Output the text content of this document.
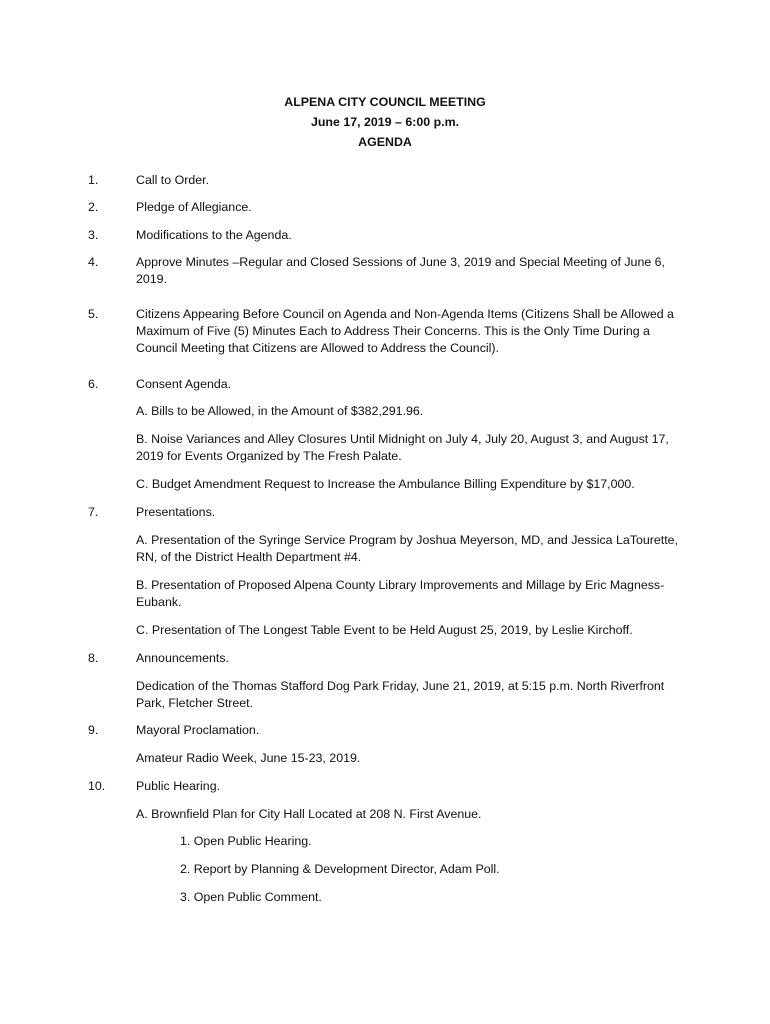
ALPENA CITY COUNCIL MEETING
June 17, 2019 – 6:00 p.m.
AGENDA
1.	Call to Order.
2.	Pledge of Allegiance.
3.	Modifications to the Agenda.
4.	Approve Minutes –Regular and Closed Sessions of June 3, 2019 and Special Meeting of June 6, 2019.
5.	Citizens Appearing Before Council on Agenda and Non-Agenda Items (Citizens Shall be Allowed a Maximum of Five (5) Minutes Each to Address Their Concerns. This is the Only Time During a Council Meeting that Citizens are Allowed to Address the Council).
6.	Consent Agenda.
A. Bills to be Allowed, in the Amount of $382,291.96.
B. Noise Variances and Alley Closures Until Midnight on July 4, July 20, August 3, and August 17, 2019 for Events Organized by The Fresh Palate.
C. Budget Amendment Request to Increase the Ambulance Billing Expenditure by $17,000.
7.	Presentations.
A. Presentation of the Syringe Service Program by Joshua Meyerson, MD, and Jessica LaTourette, RN, of the District Health Department #4.
B. Presentation of Proposed Alpena County Library Improvements and Millage by Eric Magness-Eubank.
C. Presentation of The Longest Table Event to be Held August 25, 2019, by Leslie Kirchoff.
8.	Announcements.
Dedication of the Thomas Stafford Dog Park Friday, June 21, 2019, at 5:15 p.m. North Riverfront Park, Fletcher Street.
9.	Mayoral Proclamation.
Amateur Radio Week, June 15-23, 2019.
10. Public Hearing.
A. Brownfield Plan for City Hall Located at 208 N. First Avenue.
1. Open Public Hearing.
2. Report by Planning & Development Director, Adam Poll.
3. Open Public Comment.
